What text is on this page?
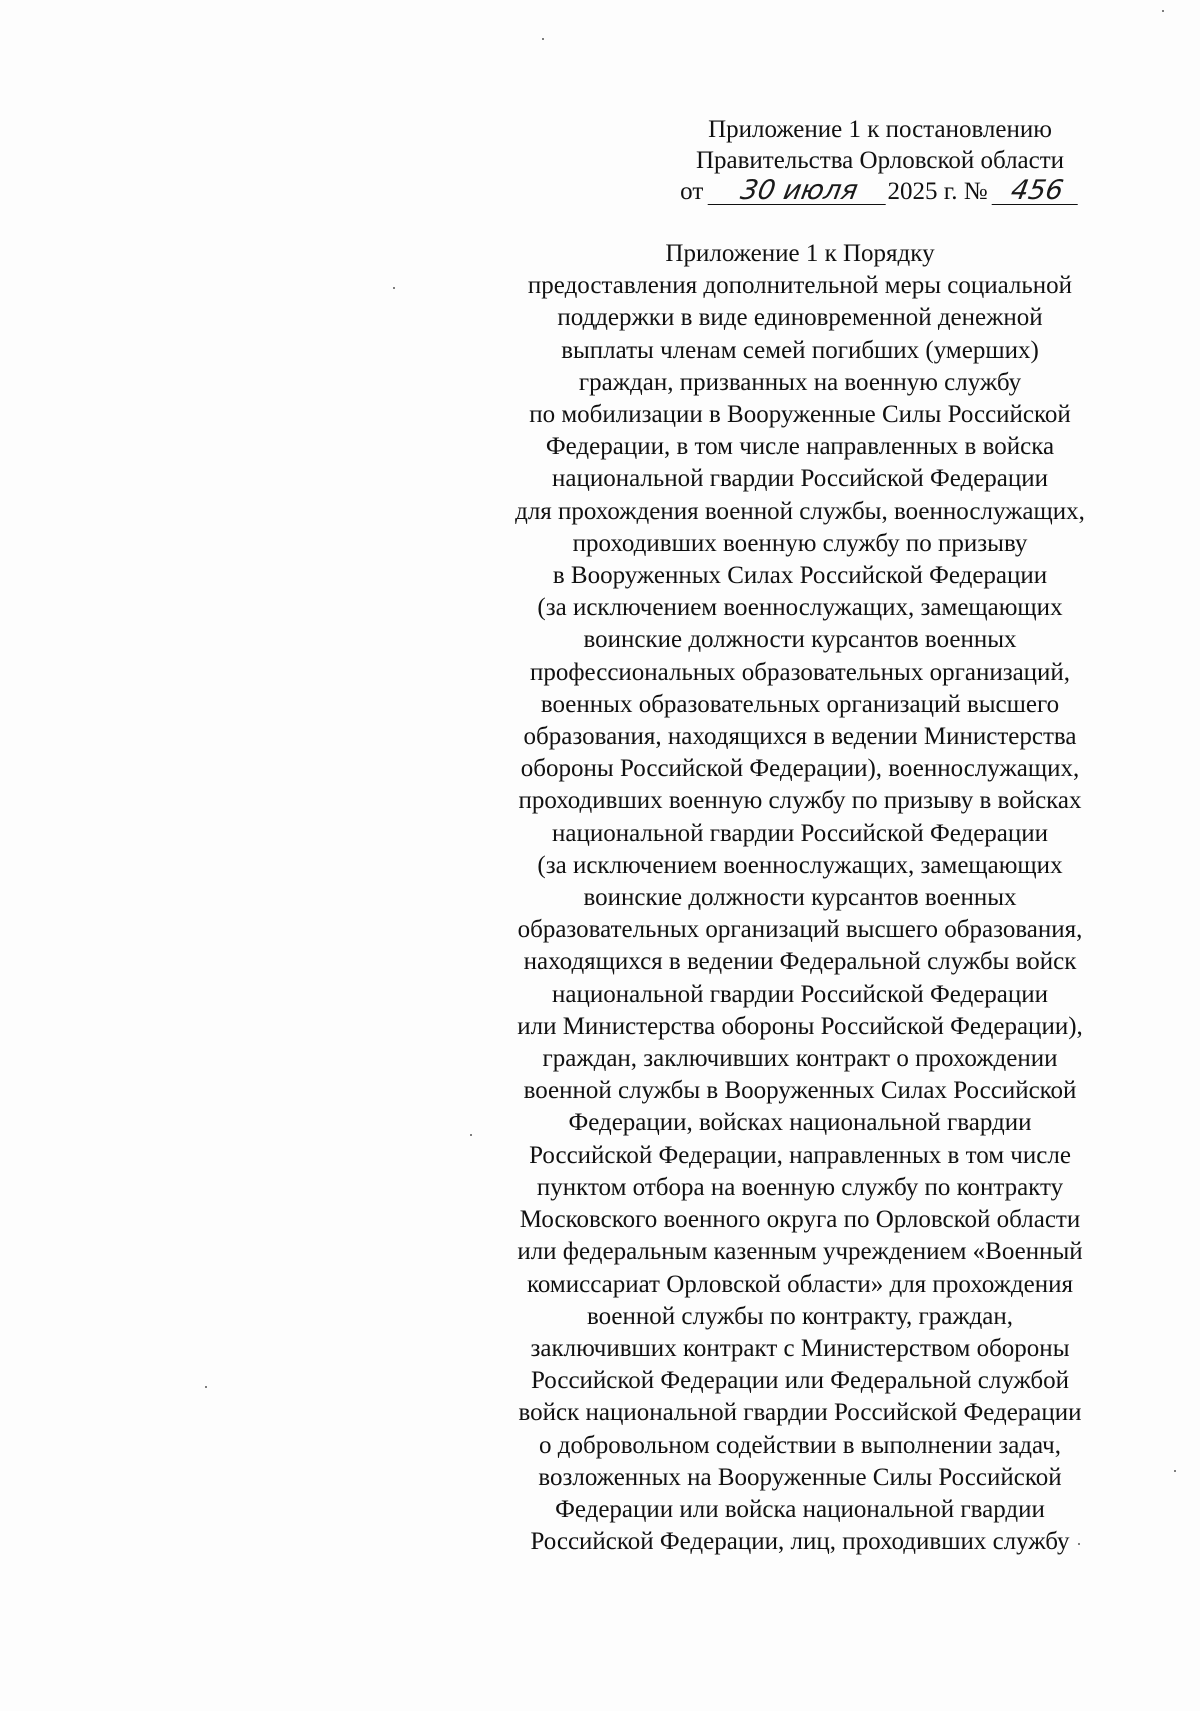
Приложение 1 к постановлению
Правительства Орловской области
от 30 июля 2025 г. № 456
Приложение 1 к Порядку
предоставления дополнительной меры социальной
поддержки в виде единовременной денежной
выплаты членам семей погибших (умерших)
граждан, призванных на военную службу
по мобилизации в Вооруженные Силы Российской
Федерации, в том числе направленных в войска
национальной гвардии Российской Федерации
для прохождения военной службы, военнослужащих,
проходивших военную службу по призыву
в Вооруженных Силах Российской Федерации
(за исключением военнослужащих, замещающих
воинские должности курсантов военных
профессиональных образовательных организаций,
военных образовательных организаций высшего
образования, находящихся в ведении Министерства
обороны Российской Федерации), военнослужащих,
проходивших военную службу по призыву в войсках
национальной гвардии Российской Федерации
(за исключением военнослужащих, замещающих
воинские должности курсантов военных
образовательных организаций высшего образования,
находящихся в ведении Федеральной службы войск
национальной гвардии Российской Федерации
или Министерства обороны Российской Федерации),
граждан, заключивших контракт о прохождении
военной службы в Вооруженных Силах Российской
Федерации, войсках национальной гвардии
Российской Федерации, направленных в том числе
пунктом отбора на военную службу по контракту
Московского военного округа по Орловской области
или федеральным казенным учреждением «Военный
комиссариат Орловской области» для прохождения
военной службы по контракту, граждан,
заключивших контракт с Министерством обороны
Российской Федерации или Федеральной службой
войск национальной гвардии Российской Федерации
о добровольном содействии в выполнении задач,
возложенных на Вооруженные Силы Российской
Федерации или войска национальной гвардии
Российской Федерации, лиц, проходивших службу
